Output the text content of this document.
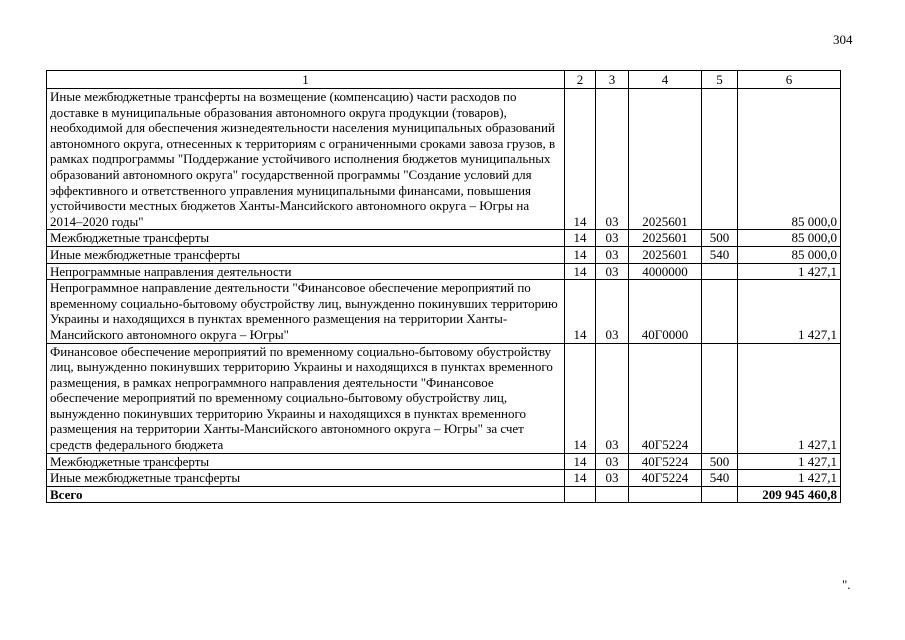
304
1	2	3	4	5	6
Иные межбюджетные трансферты на возмещение (компенсацию) части расходов по доставке в муниципальные образования автономного округа продукции (товаров), необходимой для обеспечения жизнедеятельности населения муниципальных образований автономного округа, отнесенных к территориям с ограниченными сроками завоза грузов, в рамках подпрограммы "Поддержание устойчивого исполнения бюджетов муниципальных образований автономного округа" государственной программы "Создание условий для эффективного и ответственного управления муниципальными финансами, повышения устойчивости местных бюджетов Ханты-Мансийского автономного округа – Югры на 2014–2020 годы"	14	03	2025601		85 000,0
Межбюджетные трансферты	14	03	2025601	500	85 000,0
Иные межбюджетные трансферты	14	03	2025601	540	85 000,0
Непрограммные направления деятельности	14	03	4000000		1 427,1
Непрограммное направление деятельности "Финансовое обеспечение мероприятий по временному социально-бытовому обустройству лиц, вынужденно покинувших территорию Украины и находящихся в пунктах временного размещения на территории Ханты-Мансийского автономного округа – Югры"	14	03	40Г0000		1 427,1
Финансовое обеспечение мероприятий по временному социально-бытовому обустройству лиц, вынужденно покинувших территорию Украины и находящихся в пунктах временного размещения, в рамках непрограммного направления деятельности "Финансовое обеспечение мероприятий по временному социально-бытовому обустройству лиц, вынужденно покинувших территорию Украины и находящихся в пунктах временного размещения на территории Ханты-Мансийского автономного округа – Югры" за счет средств федерального бюджета	14	03	40Г5224		1 427,1
Межбюджетные трансферты	14	03	40Г5224	500	1 427,1
Иные межбюджетные трансферты	14	03	40Г5224	540	1 427,1
Всего					209 945 460,8
".
